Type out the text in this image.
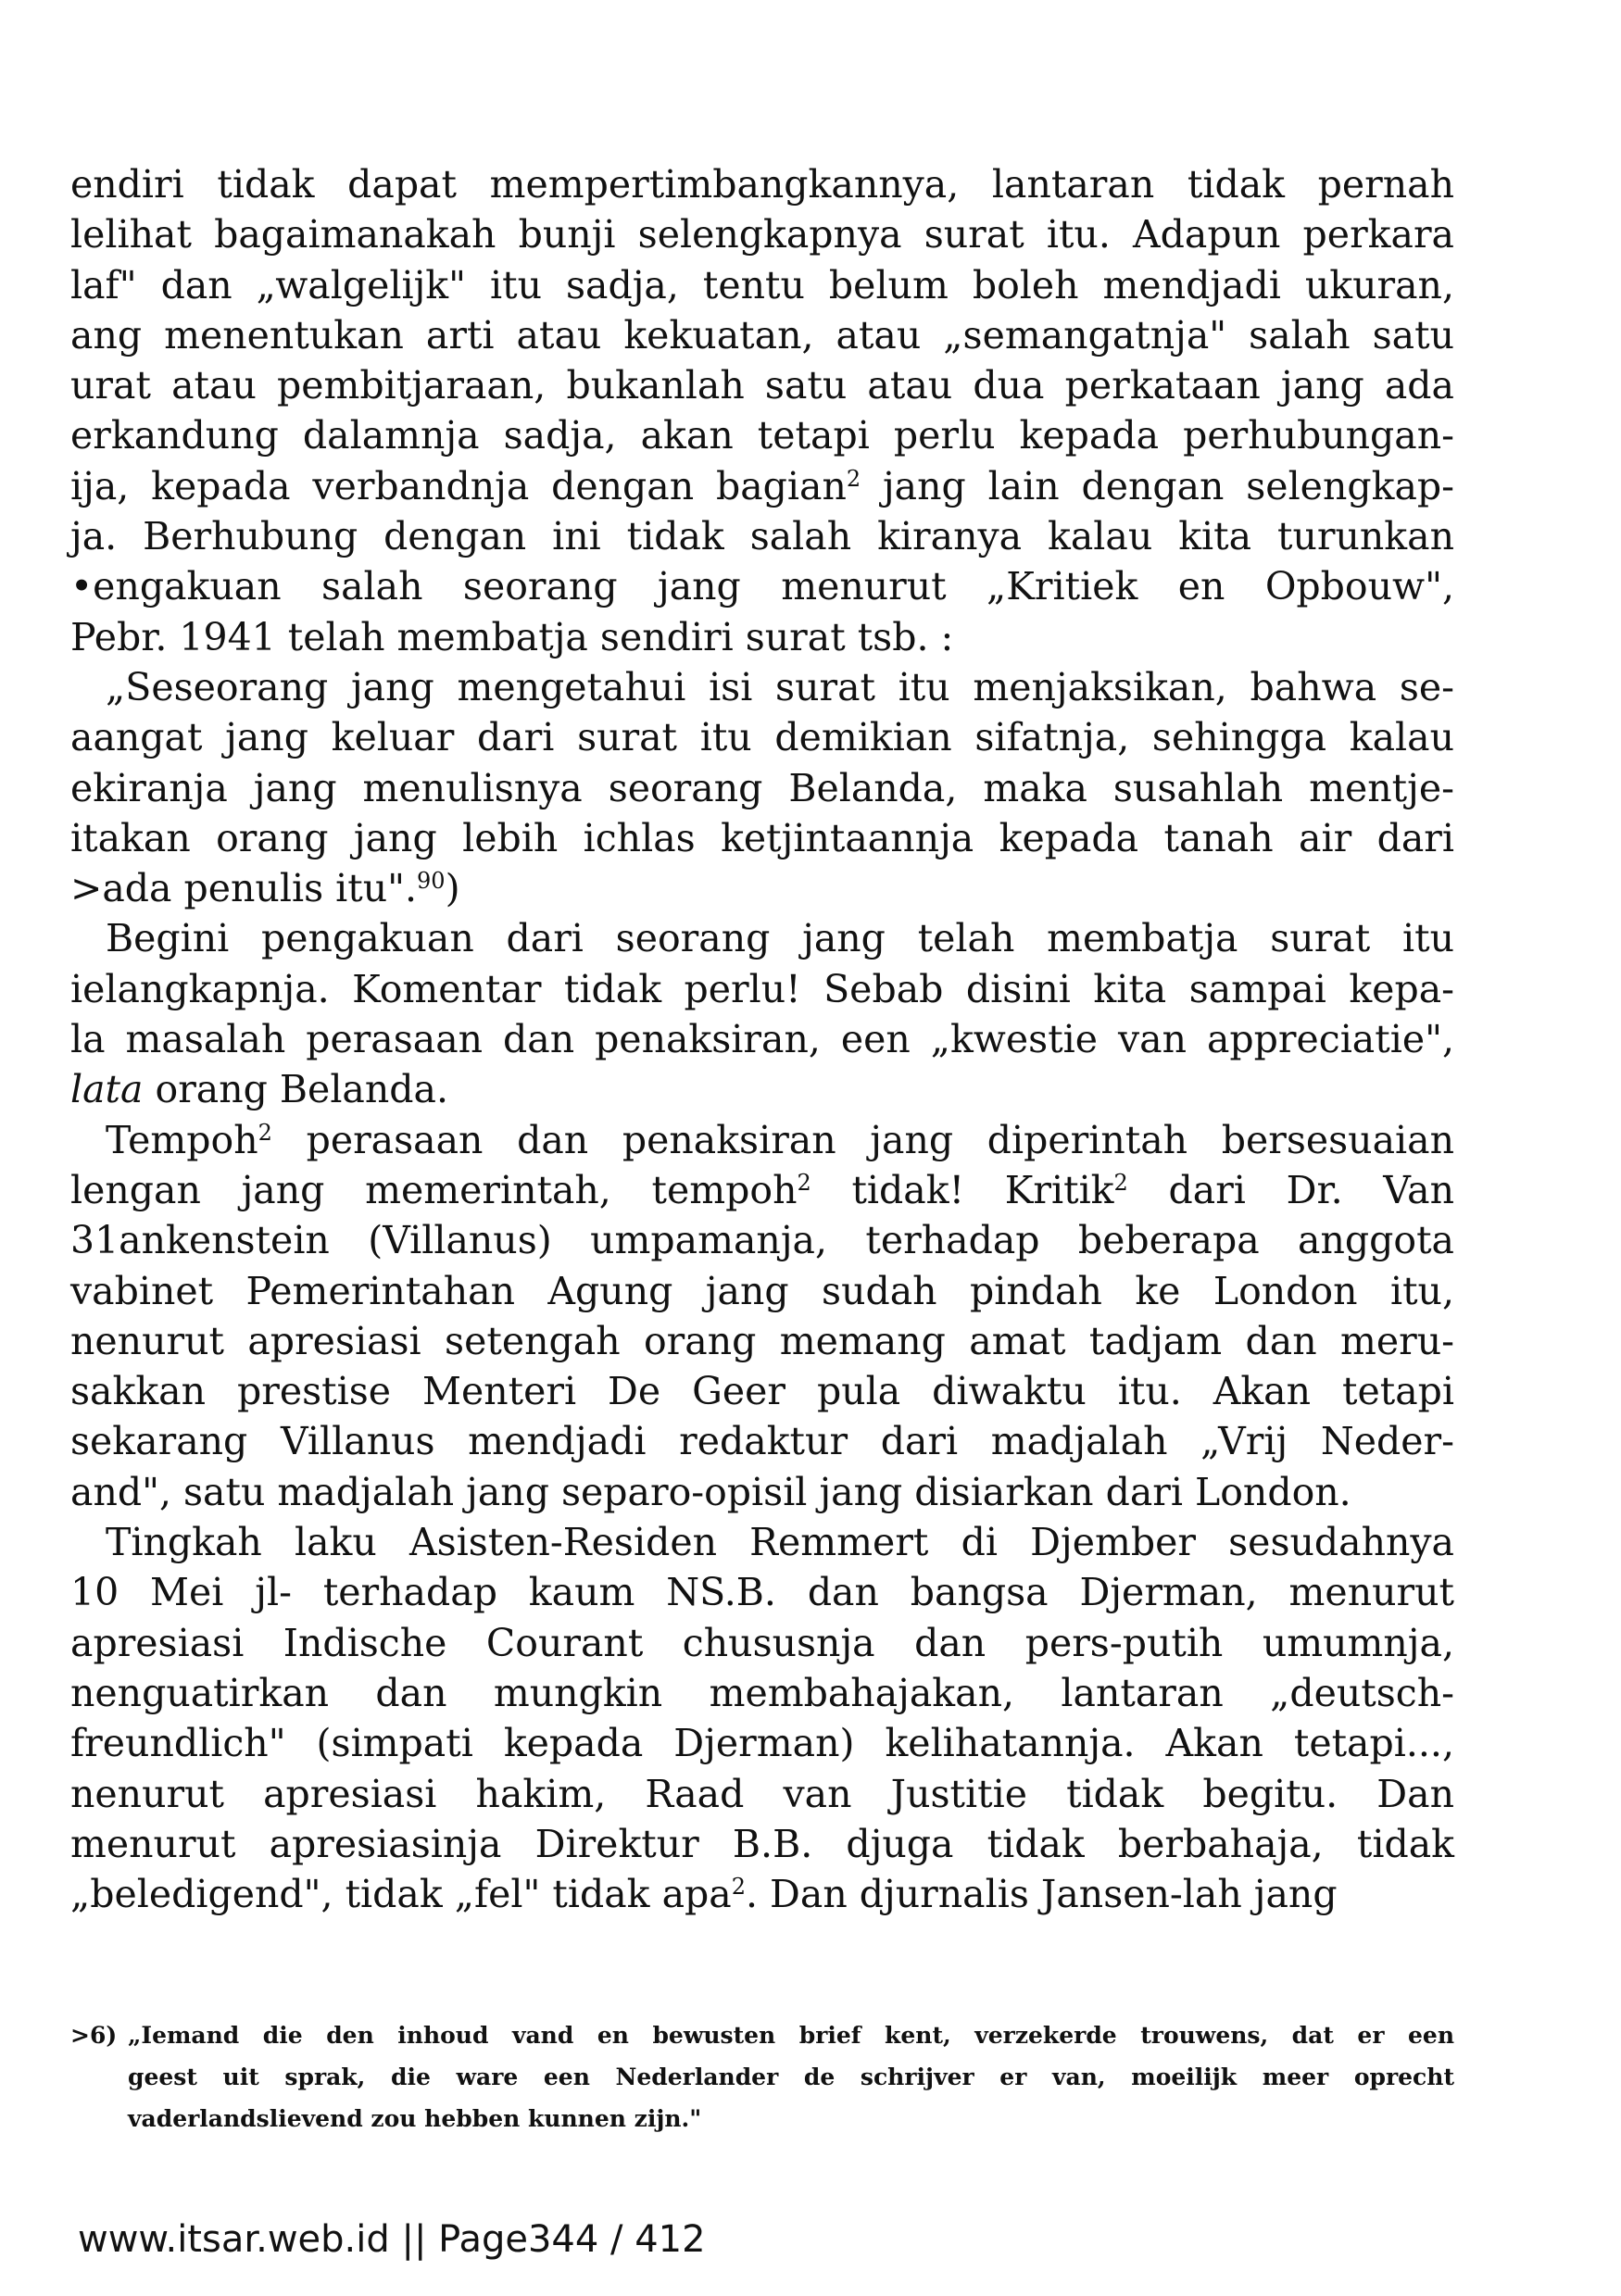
endiri tidak dapat mempertimbangkannya, lantaran tidak pernah
lelihat bagaimanakah bunji selengkapnya surat itu. Adapun perkara
laf" dan „walgelijk" itu sadja, tentu belum boleh mendjadi ukuran,
ang menentukan arti atau kekuatan, atau „semangatnja" salah satu
urat atau pembitjaraan, bukanlah satu atau dua perkataan jang ada
erkandung dalamnja sadja, akan tetapi perlu kepada perhubungan-
ija, kepada verbandnja dengan bagian$^2$ jang lain dengan selengkap-
ja. Berhubung dengan ini tidak salah kiranya kalau kita turunkan
•engakuan salah seorang jang menurut „Kritiek en Opbouw",
Pebr. 1941 telah membatja sendiri surat tsb. :
„Seseorang jang mengetahui isi surat itu menjaksikan, bahwa se-
aangat jang keluar dari surat itu demikian sifatnja, sehingga kalau
ekiranja jang menulisnya seorang Belanda, maka susahlah mentje-
itakan orang jang lebih ichlas ketjintaannja kepada tanah air dari
>ada penulis itu".$^{90}$)
Begini pengakuan dari seorang jang telah membatja surat itu
ielangkapnja. Komentar tidak perlu! Sebab disini kita sampai kepa-
la masalah perasaan dan penaksiran, een „kwestie van appreciatie",
lata orang Belanda.
Tempoh$^2$ perasaan dan penaksiran jang diperintah bersesuaian
lengan jang memerintah, tempoh$^2$ tidak! Kritik$^2$ dari Dr. Van
31ankenstein (Villanus) umpamanja, terhadap beberapa anggota
vabinet Pemerintahan Agung jang sudah pindah ke London itu,
nenurut apresiasi setengah orang memang amat tadjam dan meru-
sakkan prestise Menteri De Geer pula diwaktu itu. Akan tetapi
sekarang Villanus mendjadi redaktur dari madjalah „Vrij Neder-
and", satu madjalah jang separo-opisil jang disiarkan dari London.
Tingkah laku Asisten-Residen Remmert di Djember sesudahnya
10 Mei jl- terhadap kaum NS.B. dan bangsa Djerman, menurut
apresiasi Indische Courant chususnja dan pers-putih umumnja,
nenguatirkan dan mungkin membahajakan, lantaran „deutsch-
freundlich" (simpati kepada Djerman) kelihatannja. Akan tetapi...,
nenurut apresiasi hakim, Raad van Justitie tidak begitu. Dan
menurut apresiasinja Direktur B.B. djuga tidak berbahaja, tidak
„beledigend", tidak „fel" tidak apa$^2$. Dan djurnalis Jansen-lah jang
>6) „Iemand die den inhoud vand en bewusten brief kent, verzekerde trouwens, dat er een
geest uit sprak, die ware een Nederlander de schrijver er van, moeilijk meer oprecht
vaderlandslievend zou hebben kunnen zijn."
www.itsar.web.id || Page344 / 412
